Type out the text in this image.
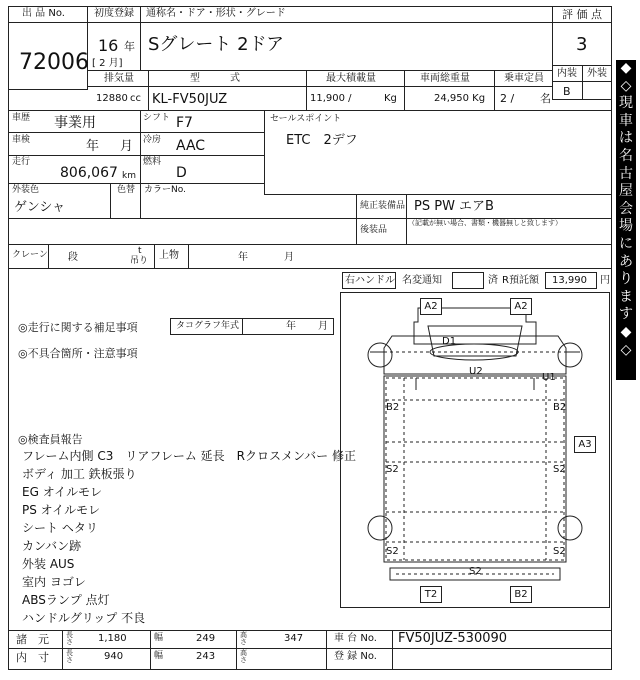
出 品 No.
72006
初度登録 通称名・ドア・形状・グレード
16 年
[ 2 月]
Sグレート 2ドア
評 価 点
3
内装 外装
B
排気量
12880 cc
型　　　式
KL-FV50JUZ
最大積載量
11,900 /	Kg
車両総重量
24,950 Kg
乗車定員
2 / 名
車歴 事業用	シフト F7
車検	年 月 冷房 AAC
走行
806,067 km
燃料
D
外装色
ゲンシャ
色替 カラーNo.
セールスポイント
ETC　2デフ
純正装備品 PS PW エアB
後装品
（記載が無い場合、書類・機器無しと致します）
クレーン 段
t
吊り 上物	年	月
右ハンドル 名変通知	済 R預託額 13,990 円
◎走行に関する補足事項	タコグラフ年式	年 月
◎不具合箇所・注意事項
◎検査員報告
フレーム内側 C3　リアフレーム 延長　Rクロスメンバー 修正
ボディ 加工 鉄板張り
EG オイルモレ
PS オイルモレ
シート ヘタリ
カンバン跡
外装 AUS
室内 ヨゴレ
ABSランプ 点灯
ハンドルグリップ 不良
A2	A2
D1
U2
U1
B2	B2
A3
S2	S2
S2	S2
S2
T2	B2
◆
◇
現
車
は
名
古
屋
会
場
に
あ
り
ま
す
◆
◇
諸　元 長さ	1,180	幅	249	高さ	347	車 台 No. FV50JUZ-530090
内　寸 長さ	940	幅	243	高さ	登 録 No.
